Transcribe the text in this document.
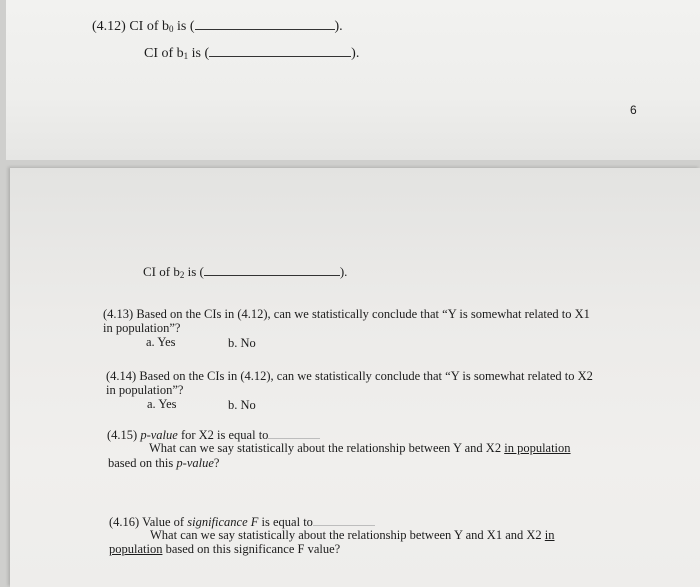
(4.12) CI of $b_0$ is (	).
CI of $b_1$ is (	).
6
CI of $b_2$ is (	).
(4.13) Based on the CIs in (4.12), can we statistically conclude that “Y is somewhat related to X1
in population”?
a. Yes	b. No
(4.14) Based on the CIs in (4.12), can we statistically conclude that “Y is somewhat related to X2
in population”?
a. Yes	b. No
(4.15) p-value for X2 is equal to
What can we say statistically about the relationship between Y and X2 in population
based on this p-value?
(4.16) Value of significance F is equal to
What can we say statistically about the relationship between Y and X1 and X2 in
population based on this significance F value?
